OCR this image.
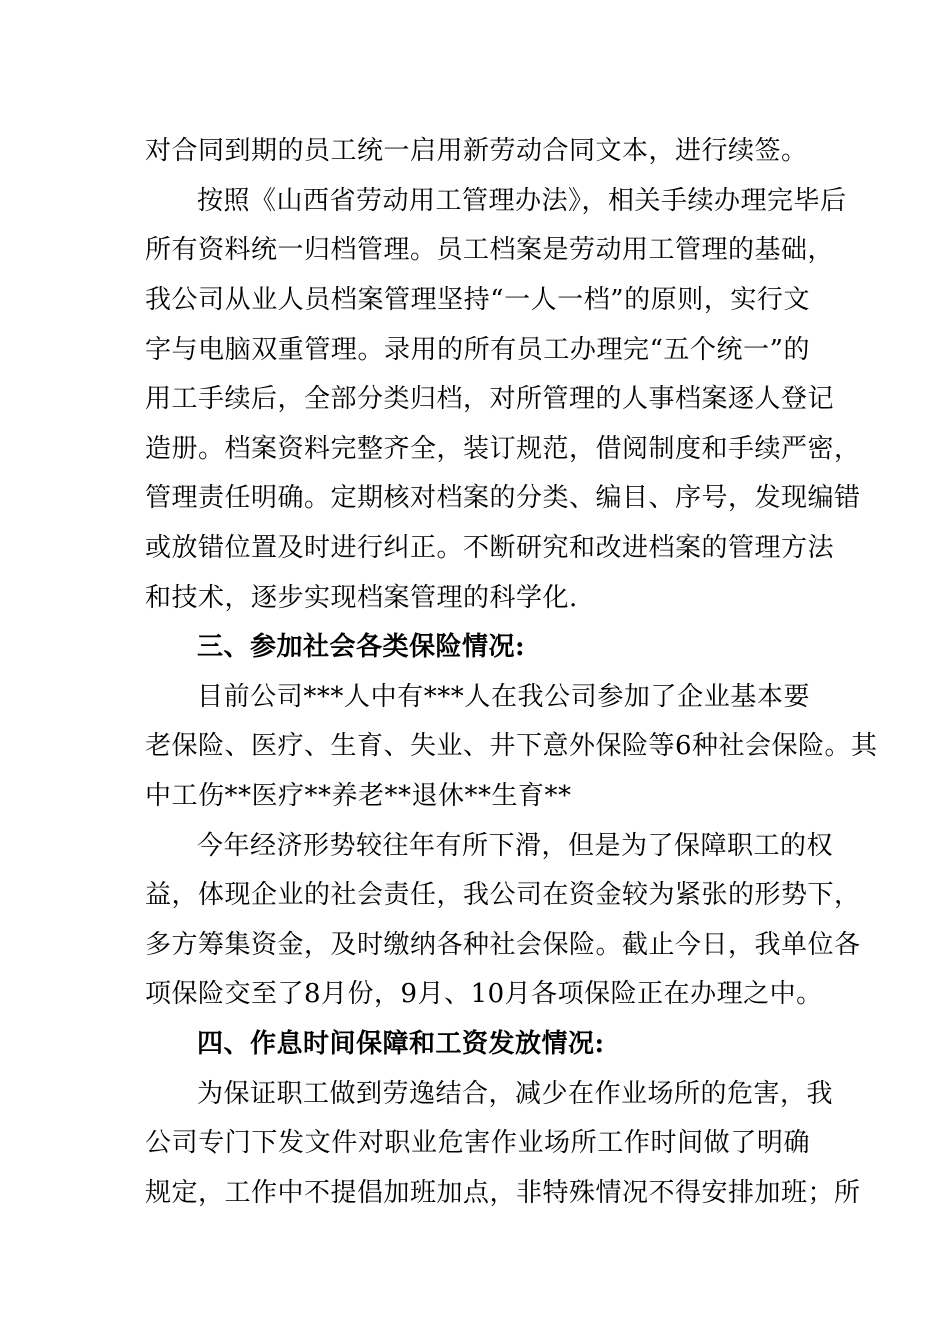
对合同到期的员工统一启用新劳动合同文本，进行续签。
按照《山西省劳动用工管理办法》，相关手续办理完毕后
所有资料统一归档管理。员工档案是劳动用工管理的基础，
我公司从业人员档案管理坚持“一人一档”的原则，实行文
字与电脑双重管理。录用的所有员工办理完“五个统一”的
用工手续后，全部分类归档，对所管理的人事档案逐人登记
造册。档案资料完整齐全，装订规范，借阅制度和手续严密，
管理责任明确。定期核对档案的分类、编目、序号，发现编错
或放错位置及时进行纠正。不断研究和改进档案的管理方法
和技术，逐步实现档案管理的科学化.
三、参加社会各类保险情况:
目前公司***人中有***人在我公司参加了企业基本要
老保险、医疗、生育、失业、井下意外保险等6种社会保险。其
中工伤**医疗**养老**退休**生育**
今年经济形势较往年有所下滑，但是为了保障职工的权
益，体现企业的社会责任，我公司在资金较为紧张的形势下，
多方筹集资金，及时缴纳各种社会保险。截止今日，我单位各
项保险交至了8月份，9月、10月各项保险正在办理之中。
四、作息时间保障和工资发放情况:
为保证职工做到劳逸结合，减少在作业场所的危害，我
公司专门下发文件对职业危害作业场所工作时间做了明确
规定，工作中不提倡加班加点，非特殊情况不得安排加班；所
